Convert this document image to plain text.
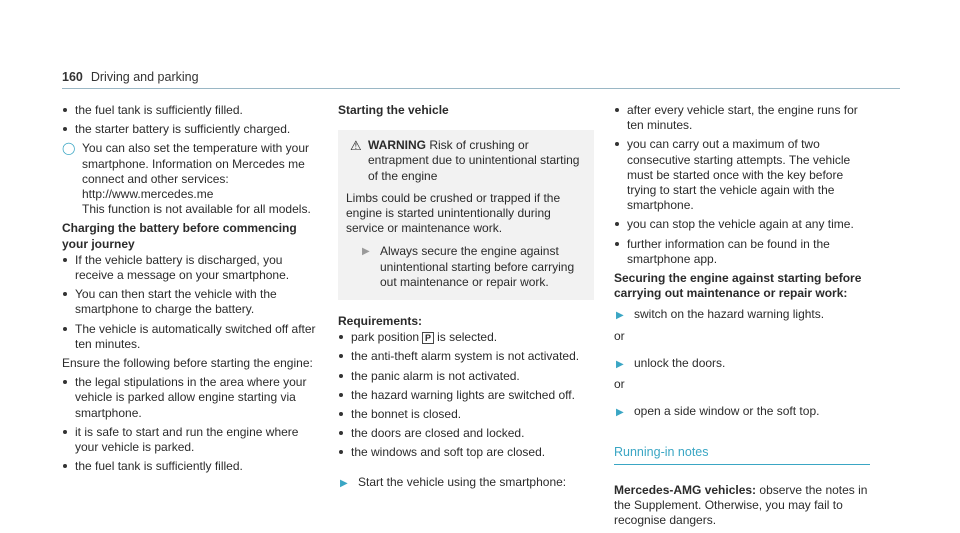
160 Driving and parking
the fuel tank is sufficiently filled.
the starter battery is sufficiently charged.
◯ You can also set the temperature with your smartphone. Information on Mercedes me connect and other services: http://www.mercedes.me
This function is not available for all models.
Charging the battery before commencing your journey
If the vehicle battery is discharged, you receive a message on your smartphone.
You can then start the vehicle with the smartphone to charge the battery.
The vehicle is automatically switched off after ten minutes.
Ensure the following before starting the engine:
the legal stipulations in the area where your vehicle is parked allow engine starting via smartphone.
it is safe to start and run the engine where your vehicle is parked.
the fuel tank is sufficiently filled.
Starting the vehicle
⚠ WARNING Risk of crushing or entrapment due to unintentional starting of the engine
Limbs could be crushed or trapped if the engine is started unintentionally during service or maintenance work.
▶ Always secure the engine against unintentional starting before carrying out maintenance or repair work.
Requirements:
park position P is selected.
the anti-theft alarm system is not activated.
the panic alarm is not activated.
the hazard warning lights are switched off.
the bonnet is closed.
the doors are closed and locked.
the windows and soft top are closed.
▶ Start the vehicle using the smartphone:
after every vehicle start, the engine runs for ten minutes.
you can carry out a maximum of two consecutive starting attempts. The vehicle must be started once with the key before trying to start the vehicle again with the smartphone.
you can stop the vehicle again at any time.
further information can be found in the smartphone app.
Securing the engine against starting before carrying out maintenance or repair work:
▶ switch on the hazard warning lights.
or
▶ unlock the doors.
or
▶ open a side window or the soft top.
Running-in notes
Mercedes-AMG vehicles: observe the notes in the Supplement. Otherwise, you may fail to recognise dangers.
